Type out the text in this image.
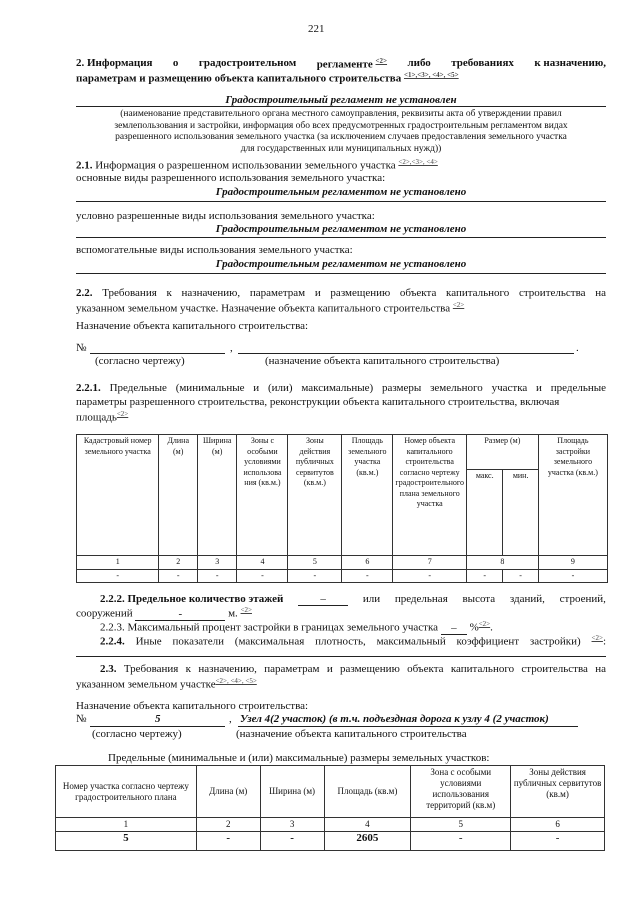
221
2. Информация о градостроительном регламенте $^{<2>}$ либо требованиях к назначению,
параметрам и размещению объекта капитального строительства $^{<1>,<3>, <4>, <5>}$
Градостроительный регламент не установлен
(наименование представительного органа местного самоуправления, реквизиты акта об утверждении правил
землепользования и застройки, информация обо всех предусмотренных градостроительным регламентом видах
разрешенного использования земельного участка (за исключением случаев предоставления земельного участка
для государственных или муниципальных нужд))
2.1. Информация о разрешенном использовании земельного участка $^{<2>,<3>, <4>}$
основные виды разрешенного использования земельного участка:
Градостроительным регламентом не установлено
условно разрешенные виды использования земельного участка:
Градостроительным регламентом не установлено
вспомогательные виды использования земельного участка:
Градостроительным регламентом не установлено
2.2. Требования к назначению, параметрам и размещению объекта капитального строительства на
указанном земельном участке. Назначение объекта капитального строительства $^{<2>}$
Назначение объекта капитального строительства:
№	,	.
(согласно чертежу)	(назначение объекта капитального строительства)
2.2.1. Предельные (минимальные и (или) максимальные) размеры земельного участка и предельные
параметры разрешенного строительства, реконструкции объекта капитального строительства, включая
площадь$^{<2>}$
Кадастровый номер земельного участка	Длина (м)	Ширина (м)	Зоны с особыми условиями использова ния (кв.м.)	Зоны действия публичных сервитутов (кв.м.)	Площадь земельного участка (кв.м.)	Номер объекта капитального строительства согласно чертежу градостроительного плана земельного участка	Размер (м)		Площадь застройки земельного участка (кв.м.)
							макс.	мин.	
1	2	3	4	5	6	7	8		9
-	-	-	-	-	-	-	-	-	-
2.2.2. Предельное количество этажей	–	или предельная высота зданий, строений,
сооружений	-	м. $^{<2>}$
2.2.3. Максимальный процент застройки в границах земельного участка – %$^{<2>}$.
2.2.4. Иные показатели (максимальная плотность, максимальный коэффициент застройки) $^{<2>}$:
2.3. Требования к назначению, параметрам и размещению объекта капитального строительства на
указанном земельном участке$^{<2>, <4>, <5>}$
Назначение объекта капитального строительства:
№	5	, Узел 4(2 участок) (в т.ч. подъездная дорога к узлу 4 (2 участок)
(согласно чертежу)	(назначение объекта капитального строительства
Предельные (минимальные и (или) максимальные) размеры земельных участков:
Номер участка согласно чертежу градостроительного плана	Длина (м)	Ширина (м)	Площадь (кв.м)	Зона с особыми условиями использования территорий (кв.м)	Зоны действия публичных сервитутов (кв.м)
1	2	3	4	5	6
5	-	-	2605	-	-
